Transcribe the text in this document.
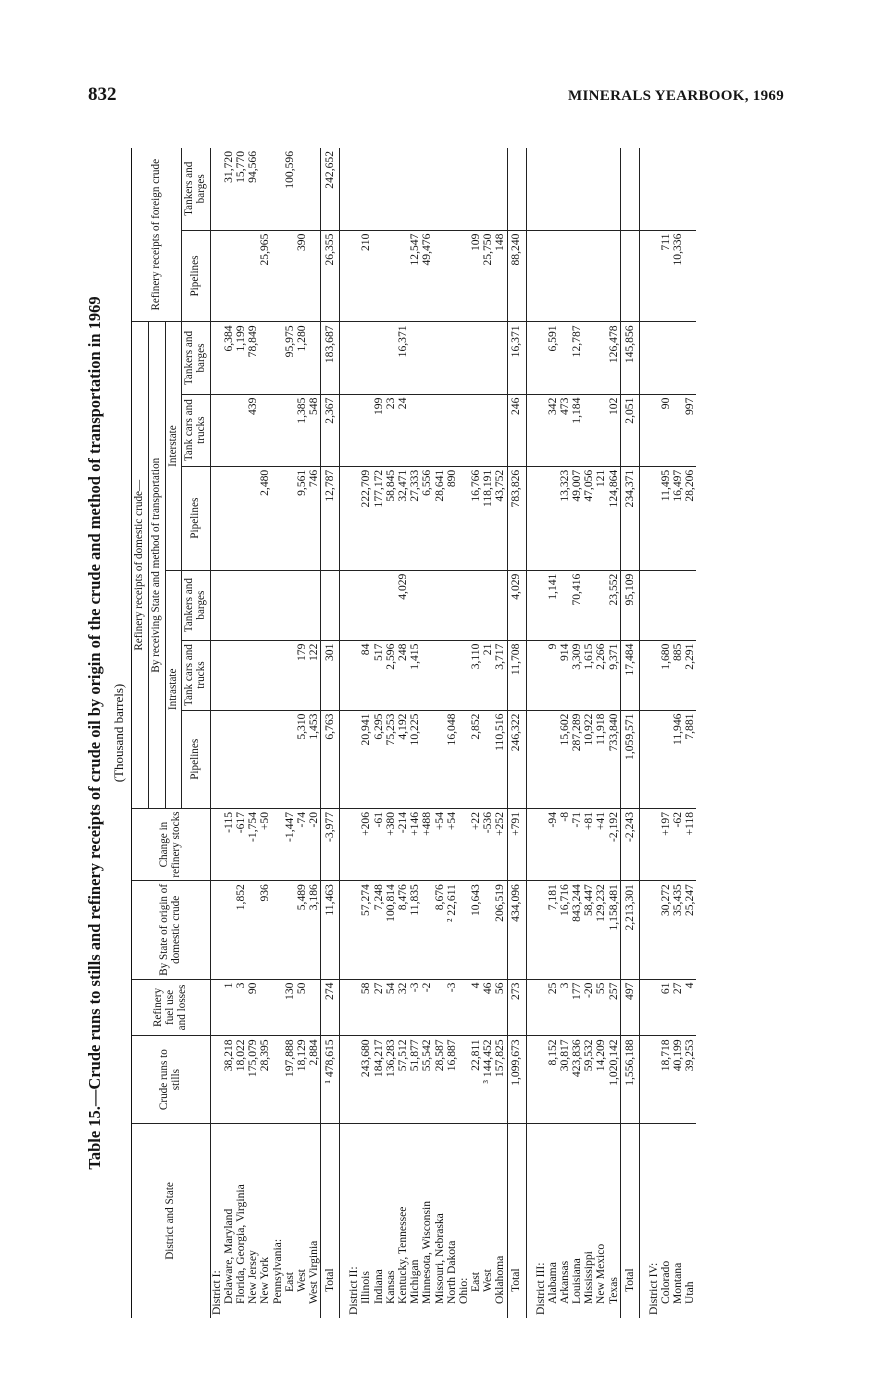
832	MINERALS YEARBOOK, 1969
Table 15.—Crude runs to stills and refinery receipts of crude oil by origin of the crude and method of transportation in 1969 (Thousand barrels)
District and State	Crude runs to stills	Refinery fuel use and losses	By State of origin of domestic crude	Change in refinery stocks	Refinery receipts of domestic crude—						Refinery receipts of foreign crude	
					By receiving State and method of transportation							
					Intrastate			Interstate				
					Pipelines	Tank cars and trucks	Tankers and barges	Pipelines	Tank cars and trucks	Tankers and barges	Pipelines	Tankers and barges
District I:												
Delaware, Maryland	38,218	1		-115						6,384		31,720
Florida, Georgia, Virginia	18,022	3	1,852	-617						1,199		15,770
New Jersey	175,079	90		-1,754					439	78,849		94,566
New York	28,395		936	+50				2,480			25,965	
Pennsylvania:												
East	197,888	130		-1,447						95,975		100,596
West	18,129	50	5,489	-74	5,310	179		9,561	1,385	1,280	390	
West Virginia	2,884		3,186	-20	1,453	122		746	548			
Total	¹ 478,615	274	11,463	-3,977	6,763	301		12,787	2,367	183,687	26,355	242,652

District II:												
Illinois	243,680	58	57,274	+206	20,941	84		222,709			210	
Indiana	184,217	27	7,248	-61	6,295	517		177,172	199			
Kansas	136,283	54	100,814	+380	75,253	2,596		58,845	23			
Kentucky, Tennessee	57,512	32	8,476	-214	4,192	248	4,029	32,471	24	16,371		
Michigan	51,877	-3	11,835	+146	10,225	1,415		27,333			12,547	
Minnesota, Wisconsin	55,542	-2		+488				6,556			49,476	
Missouri, Nebraska	28,587		8,676	+54				28,641				
North Dakota	16,887	-3	² 22,611	+54	16,048			890				
Ohio:												
East	22,811	4	10,643	+22	2,852	3,110		16,766			109	
West	³ 144,452	46		-536		21		118,191			25,750	
Oklahoma	157,825	56	206,519	+252	110,516	3,717		43,752			148	
Total	1,099,673	273	434,096	+791	246,322	11,708	4,029	783,826	246	16,371	88,240	

District III:												
Alabama	8,152	25	7,181	-94		9	1,141		342	6,591		
Arkansas	30,817	3	16,716	-8	15,602	914		13,323	473			
Louisiana	423,836	177	843,244	-71	287,289	3,309	70,416	49,007	1,184	12,787		
Mississippi	59,532	-20	58,447	+81	10,922	1,615		47,056				
New Mexico	14,209	55	129,232	+41	11,918	2,266		121				
Texas	1,020,142	257	1,158,481	-2,192	733,840	9,371	23,552	124,864	102	126,478		
Total	1,556,188	497	2,213,301	-2,243	1,059,571	17,484	95,109	234,371	2,051	145,856		

District IV:												
Colorado	18,718	61	30,272	+197		1,680		11,495	90		711	
Montana	40,199	27	35,435	-62	11,946	885		16,497			10,336	
Utah	39,253	4	25,247	+118	7,881	2,291		28,206	997			
